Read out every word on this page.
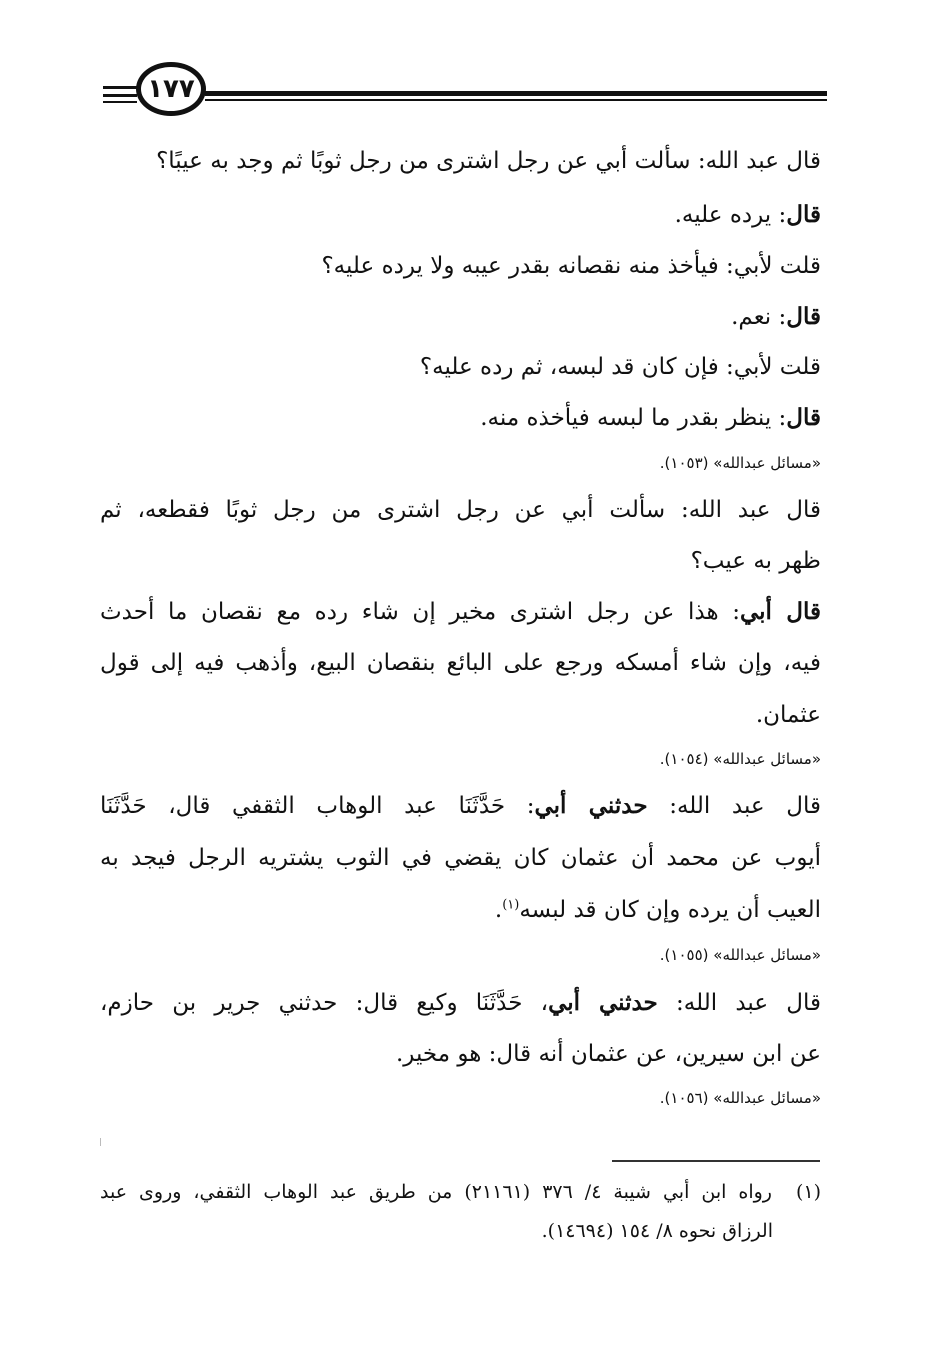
١٧٧
قال عبد الله: سألت أبي عن رجل اشترى من رجل ثوبًا ثم وجد به عيبًا؟
قال: يرده عليه.
قلت لأبي: فيأخذ منه نقصانه بقدر عيبه ولا يرده عليه؟
قال: نعم.
قلت لأبي: فإن كان قد لبسه، ثم رده عليه؟
قال: ينظر بقدر ما لبسه فيأخذه منه.
«مسائل عبدالله» (١٠٥٣).
قال عبد الله: سألت أبي عن رجل اشترى من رجل ثوبًا فقطعه، ثم
ظهر به عيب؟
قال أبي: هذا عن رجل اشترى مخير إن شاء رده مع نقصان ما أحدث
فيه، وإن شاء أمسكه ورجع على البائع بنقصان البيع، وأذهب فيه إلى قول
عثمان.
«مسائل عبدالله» (١٠٥٤).
قال عبد الله: حدثني أبي: حَدَّثَنَا عبد الوهاب الثقفي قال، حَدَّثَنَا
أيوب عن محمد أن عثمان كان يقضي في الثوب يشتريه الرجل فيجد به
العيب أن يرده وإن كان قد لبسه$^{(١)}$.
«مسائل عبدالله» (١٠٥٥).
قال عبد الله: حدثني أبي، حَدَّثَنَا وكيع قال: حدثني جرير بن حازم،
عن ابن سيرين، عن عثمان أنه قال: هو مخير.
«مسائل عبدالله» (١٠٥٦).
(١)  رواه ابن أبي شيبة ٤/ ٣٧٦ (٢١١٦١) من طريق عبد الوهاب الثقفي، وروى عبد
الرزاق نحوه ٨/ ١٥٤ (١٤٦٩٤).
